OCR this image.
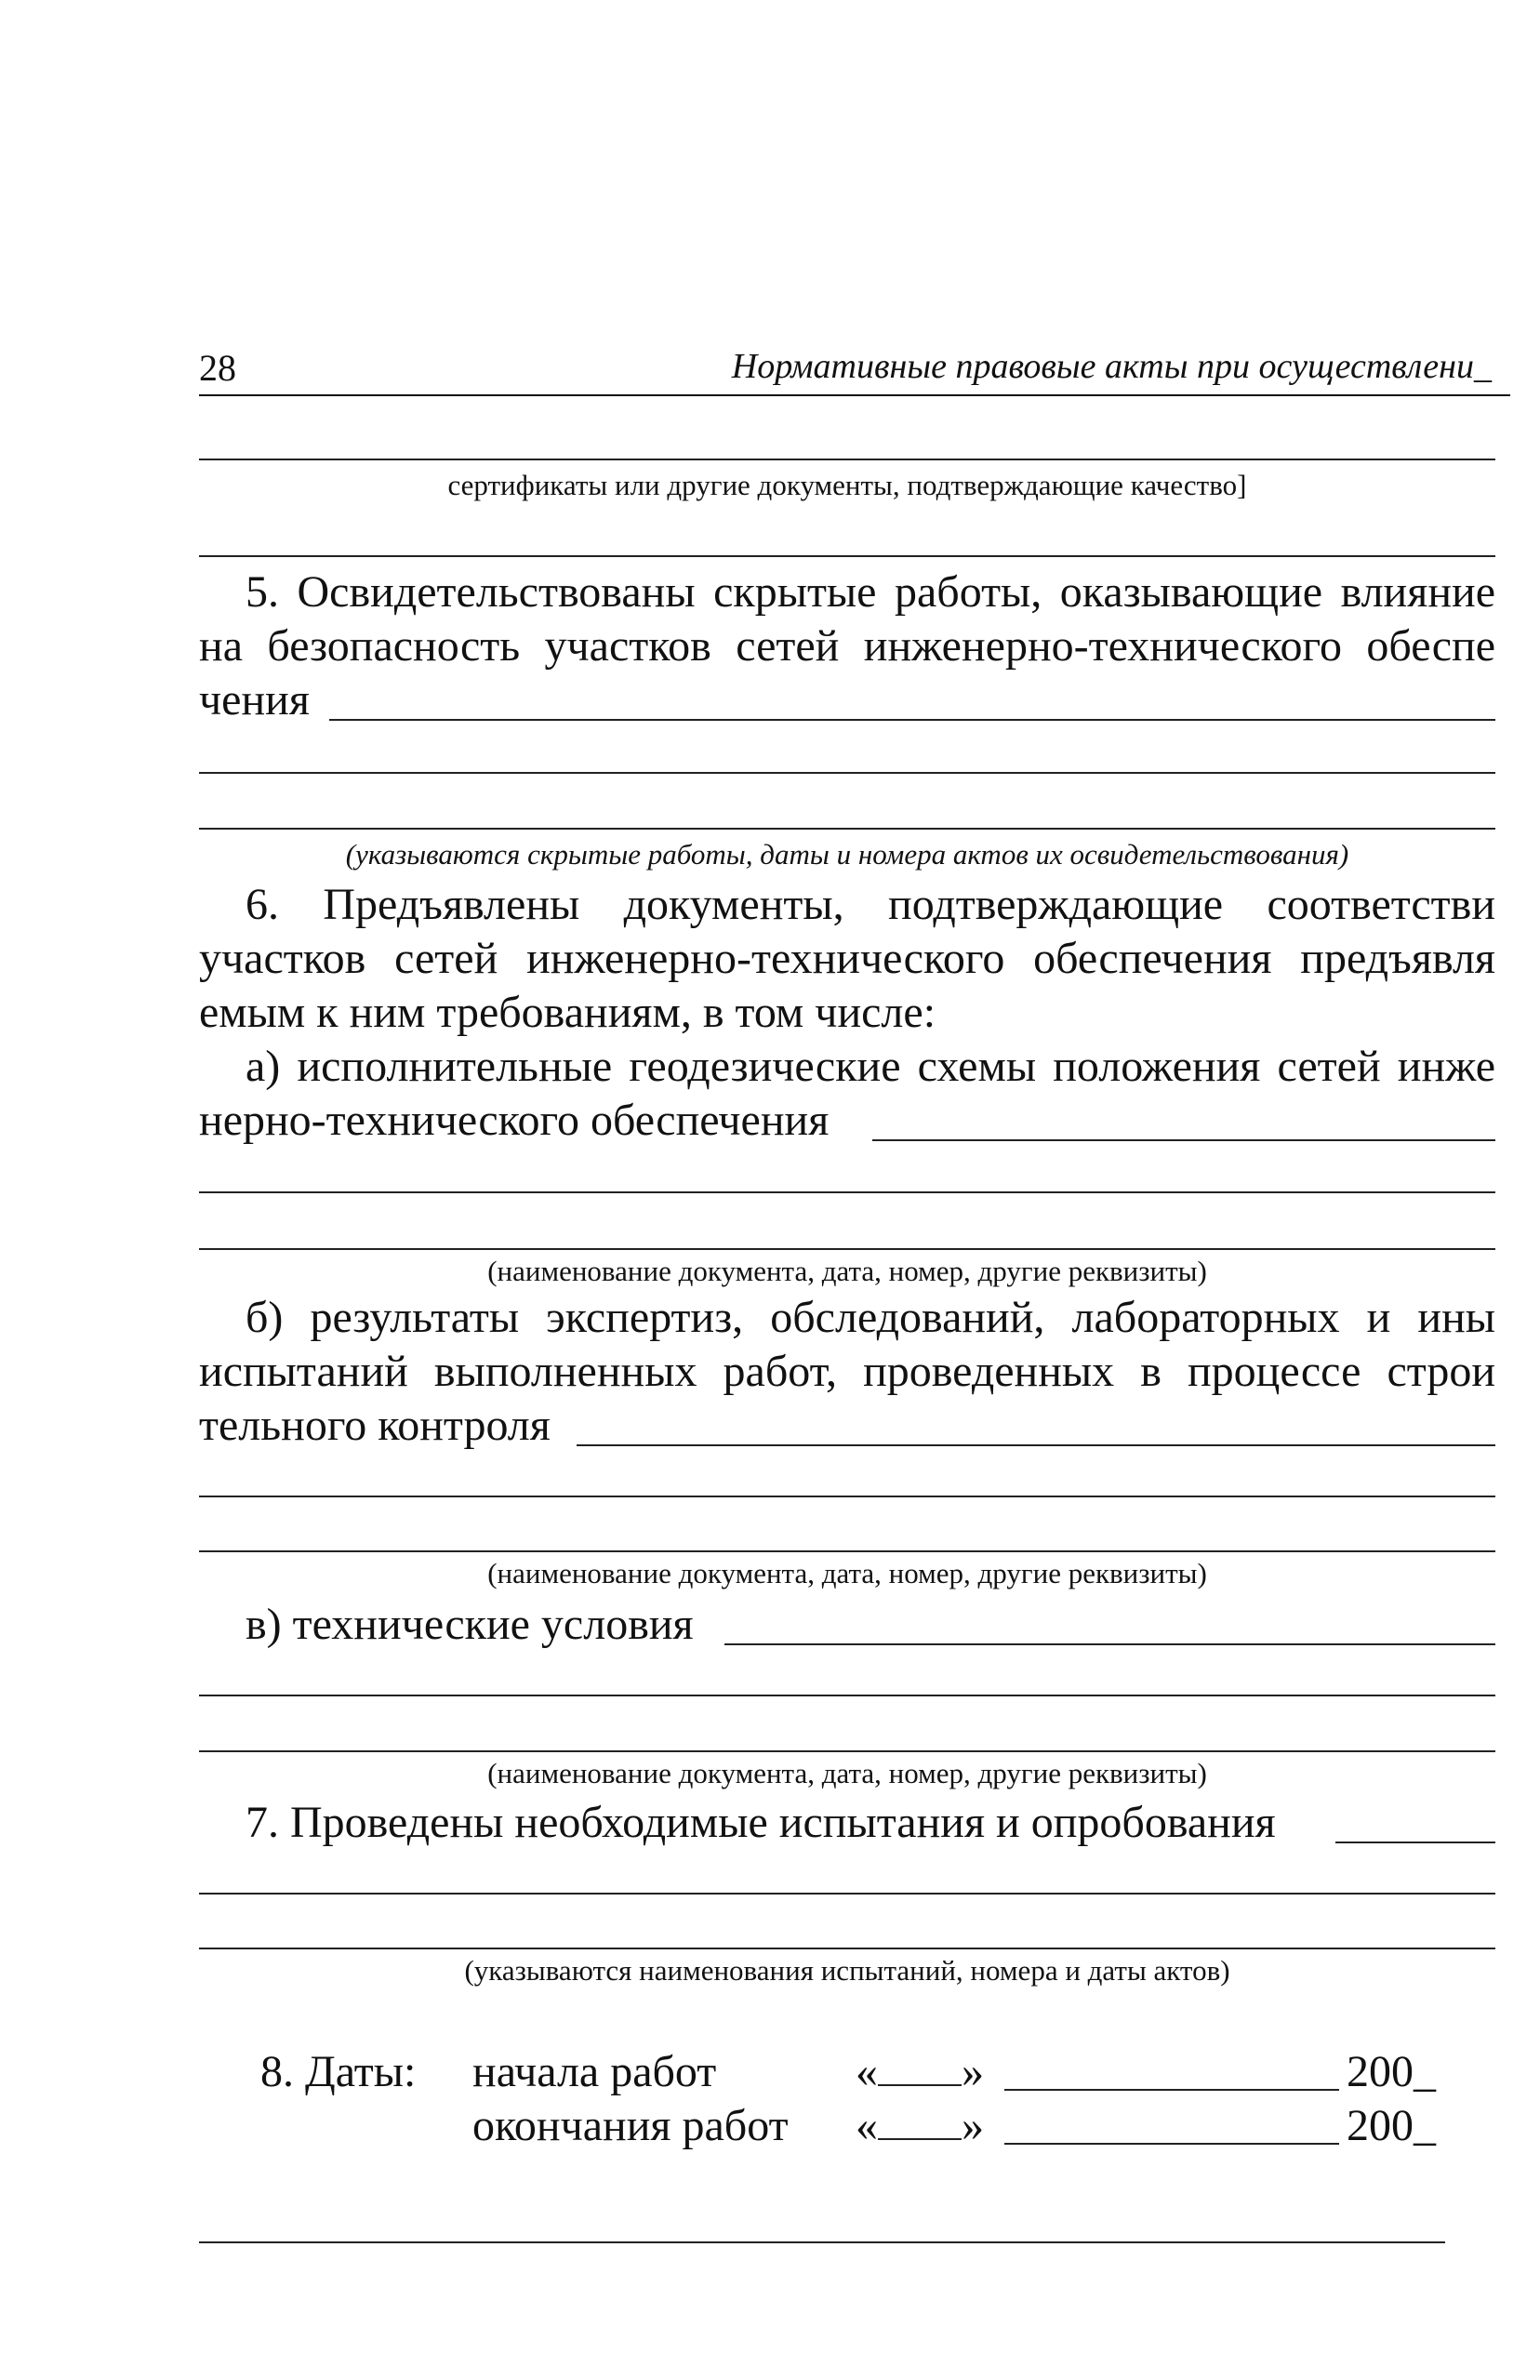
28	Нормативные правовые акты при осуществлени_
сертификаты или другие документы, подтверждающие качество]
5. Освидетельствованы скрытые работы, оказывающие влияние
на безопасность участков сетей инженерно-технического обеспе
чения
(указываются скрытые работы, даты и номера актов их освидетельствования)
6. Предъявлены документы, подтверждающие соответстви
участков сетей инженерно-технического обеспечения предъявля
емым к ним требованиям, в том числе:
а) исполнительные геодезические схемы положения сетей инже
нерно-технического обеспечения
(наименование документа, дата, номер, другие реквизиты)
б) результаты экспертиз, обследований, лабораторных и ины
испытаний выполненных работ, проведенных в процессе строи
тельного контроля
(наименование документа, дата, номер, другие реквизиты)
в) технические условия
(наименование документа, дата, номер, другие реквизиты)
7. Проведены необходимые испытания и опробования
(указываются наименования испытаний, номера и даты актов)
8. Даты: начала работ	« »	200_
окончания работ « »	200_
